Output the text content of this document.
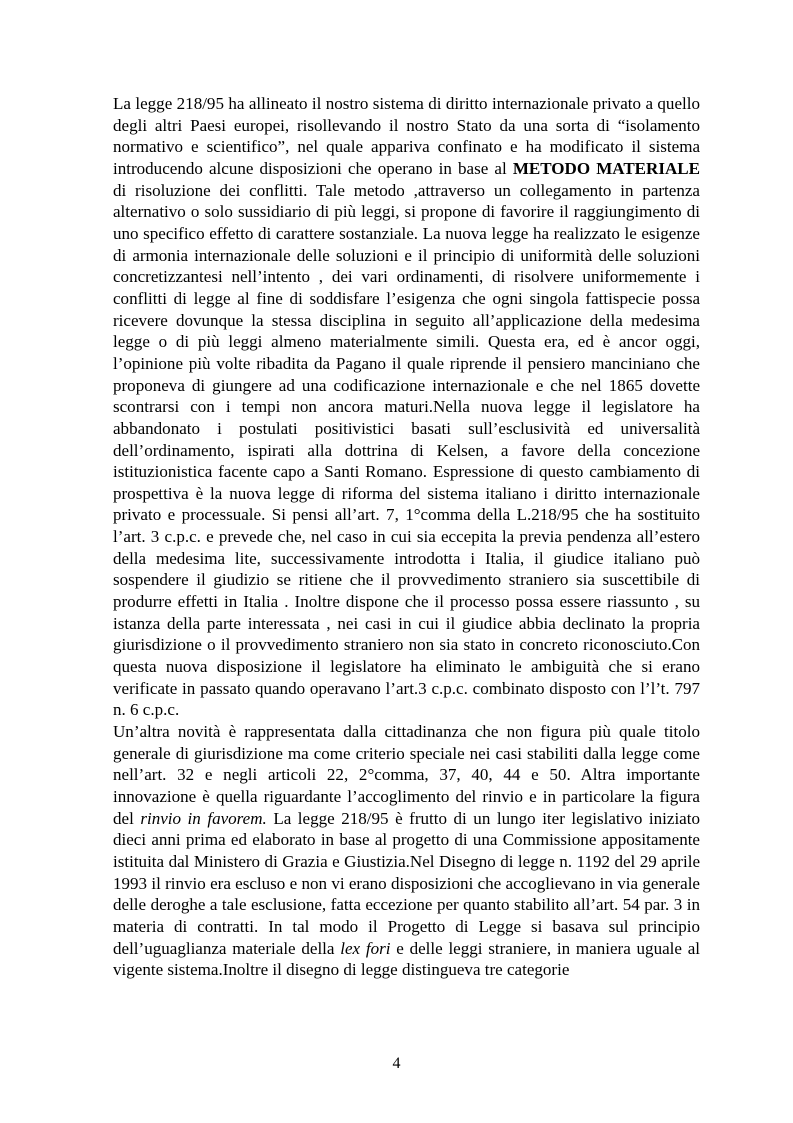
La legge 218/95 ha allineato il nostro sistema di diritto internazionale privato a quello degli altri Paesi europei, risollevando il nostro Stato da una sorta di “isolamento normativo e scientifico”, nel quale appariva confinato e ha modificato il sistema introducendo alcune disposizioni che operano in base al METODO MATERIALE di risoluzione dei conflitti. Tale metodo ,attraverso un collegamento in partenza alternativo o solo sussidiario di più leggi, si propone di favorire il raggiungimento di uno specifico effetto di carattere sostanziale. La nuova legge ha realizzato le esigenze di armonia internazionale delle soluzioni e il principio di uniformità delle soluzioni concretizzantesi nell’intento , dei vari ordinamenti, di risolvere uniformemente i conflitti di legge al fine di soddisfare l’esigenza che ogni singola fattispecie possa ricevere dovunque la stessa disciplina in seguito all’applicazione della medesima legge o di più leggi almeno materialmente simili. Questa era, ed è ancor oggi, l’opinione più volte ribadita da Pagano il quale riprende il pensiero manciniano che proponeva di giungere ad una codificazione internazionale e che nel 1865 dovette scontrarsi con i tempi non ancora maturi.Nella nuova legge il legislatore ha abbandonato i postulati positivistici basati sull’esclusività ed universalità dell’ordinamento, ispirati alla dottrina di Kelsen, a favore della concezione istituzionistica facente capo a Santi Romano. Espressione di questo cambiamento di prospettiva è la nuova legge di riforma del sistema italiano i diritto internazionale privato e processuale. Si pensi all’art. 7, 1°comma della L.218/95 che ha sostituito l’art. 3 c.p.c. e prevede che, nel caso in cui sia eccepita la previa pendenza all’estero della medesima lite, successivamente introdotta i Italia, il giudice italiano può sospendere il giudizio se ritiene che il provvedimento straniero sia suscettibile di produrre effetti in Italia . Inoltre dispone che il processo possa essere riassunto , su istanza della parte interessata , nei casi in cui il giudice abbia declinato la propria giurisdizione o il provvedimento straniero non sia stato in concreto riconosciuto.Con questa nuova disposizione il legislatore ha eliminato le ambiguità che si erano verificate in passato quando operavano l’art.3 c.p.c. combinato disposto con l’l’t. 797 n. 6 c.p.c.

Un’altra novità è rappresentata dalla cittadinanza che non figura più quale titolo generale di giurisdizione ma come criterio speciale nei casi stabiliti dalla legge come nell’art. 32 e negli articoli 22, 2°comma, 37, 40, 44 e 50. Altra importante innovazione è quella riguardante l’accoglimento del rinvio e in particolare la figura del rinvio in favorem. La legge 218/95 è frutto di un lungo iter legislativo iniziato dieci anni prima ed elaborato in base al progetto di una Commissione appositamente istituita dal Ministero di Grazia e Giustizia.Nel Disegno di legge n. 1192 del 29 aprile 1993 il rinvio era escluso e non vi erano disposizioni che accoglievano in via generale delle deroghe a tale esclusione, fatta eccezione per quanto stabilito all’art. 54 par. 3 in materia di contratti. In tal modo il Progetto di Legge si basava sul principio dell’uguaglianza materiale della lex fori e delle leggi straniere, in maniera uguale al vigente sistema.Inoltre il disegno di legge distingueva tre categorie

4
